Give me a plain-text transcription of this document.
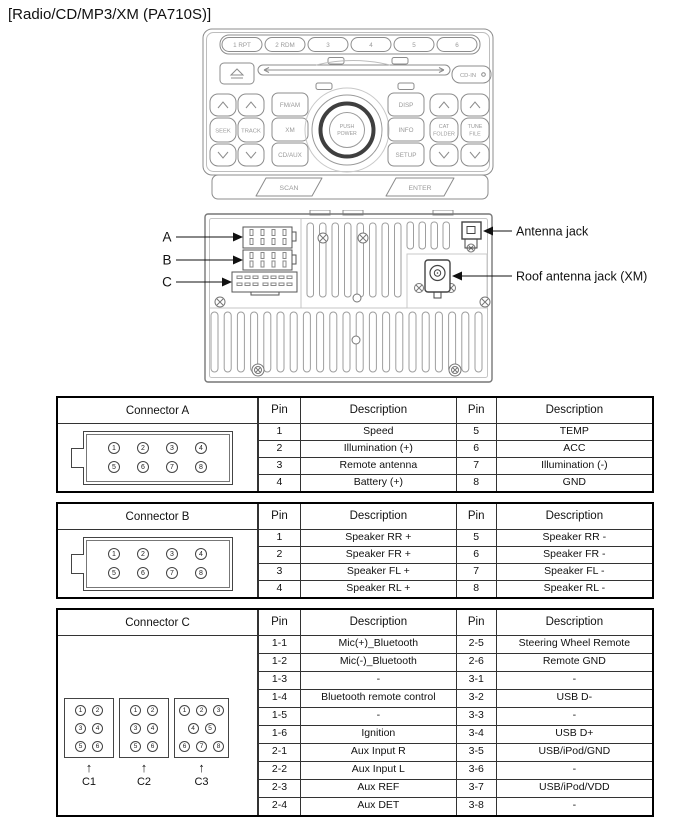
[Radio/CD/MP3/XM (PA710S)]
1 RPT	2 RDM	3	4	5	6
CD-IN
SEEK TRACK
FM/AM
XM
CD/AUX
PUSH
POWER
DISP
INFO
SETUP
CAT
FOLDER
TUNE
FILE
SCAN	ENTER
A
B
C
Antenna jack
Roof antenna jack (XM)
Connector A
1	2	3	4
5	6	7	8
Pin	Description	Pin	Description
1	Speed	5	TEMP
2	Illumination (+)	6	ACC
3	Remote antenna	7	Illumination (-)
4	Battery (+)	8	GND
Connector B
1	2	3	4
5	6	7	8
Pin	Description	Pin	Description
1	Speaker RR +	5	Speaker RR -
2	Speaker FR +	6	Speaker FR -
3	Speaker FL +	7	Speaker FL -
4	Speaker RL +	8	Speaker RL -
Connector C
1	2
3	4
5	6
↑
C1
1	2
3	4
5	6
↑
C2
1	2	3
4	5
6	7	8
↑
C3
Pin	Description	Pin	Description
1-1	Mic(+)_Bluetooth	2-5	Steering Wheel Remote
1-2	Mic(-)_Bluetooth	2-6	Remote GND
1-3	-	3-1	-
1-4	Bluetooth remote control	3-2	USB D-
1-5	-	3-3	-
1-6	Ignition	3-4	USB D+
2-1	Aux Input R	3-5	USB/iPod/GND
2-2	Aux Input L	3-6	-
2-3	Aux REF	3-7	USB/iPod/VDD
2-4	Aux DET	3-8	-
